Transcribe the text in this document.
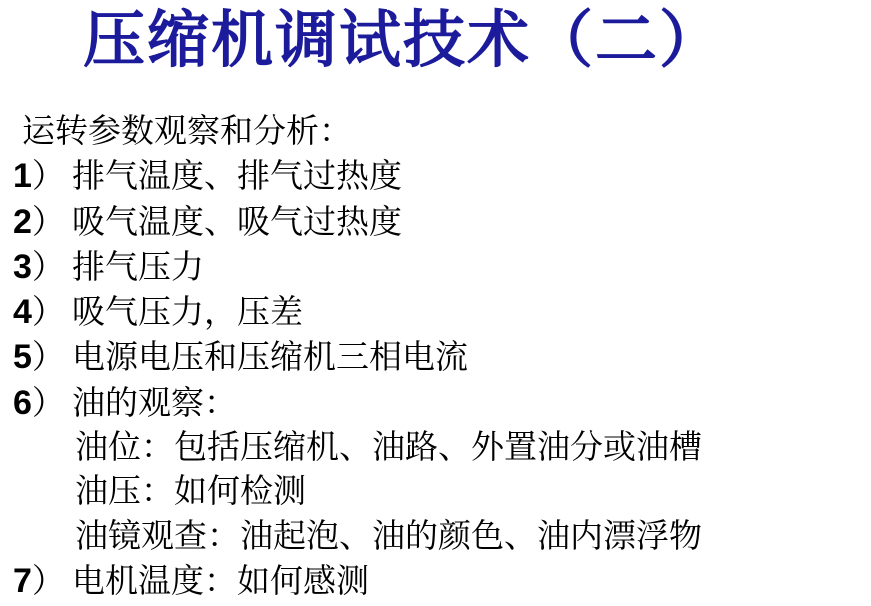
压缩机调试技术（二）
运转参数观察和分析：
1） 排气温度、排气过热度
2） 吸气温度、吸气过热度
3） 排气压力
4） 吸气压力，压差
5） 电源电压和压缩机三相电流
6） 油的观察：
油位：包括压缩机、油路、外置油分或油槽
油压：如何检测
油镜观查：油起泡、油的颜色、油内漂浮物
7） 电机温度：如何感测
